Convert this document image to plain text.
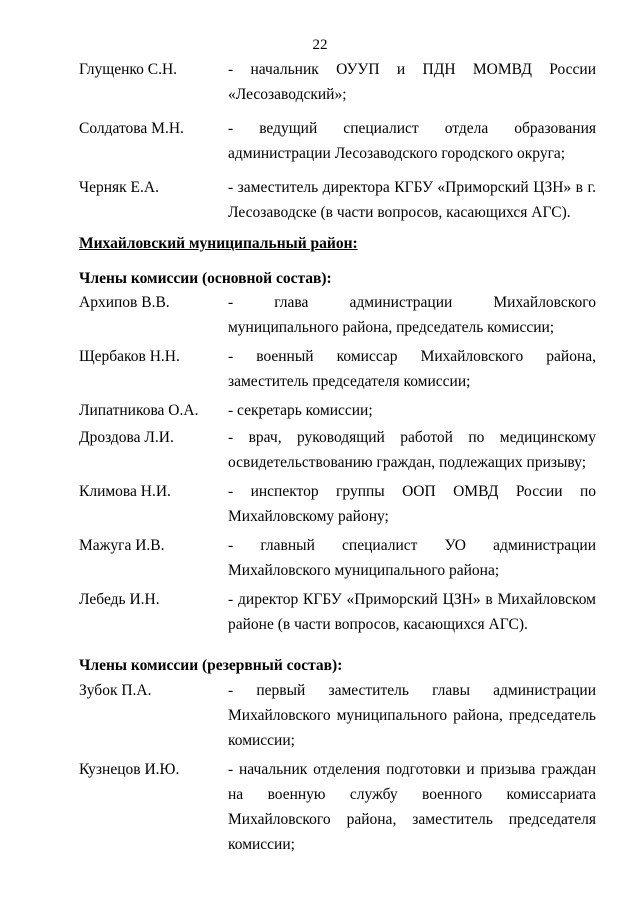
22
Глущенко С.Н.	- начальник ОУУП и ПДН МОМВД России «Лесозаводский»;
Солдатова М.Н.	- ведущий специалист отдела образования администрации Лесозаводского городского округа;
Черняк Е.А.	- заместитель директора КГБУ «Приморский ЦЗН» в г. Лесозаводске (в части вопросов, касающихся АГС).
Михайловский муниципальный район:
Члены комиссии (основной состав):
Архипов В.В.	- глава администрации Михайловского муниципального района, председатель комиссии;
Щербаков Н.Н.	- военный комиссар Михайловского района, заместитель председателя комиссии;
Липатникова О.А.	- секретарь комиссии;
Дроздова Л.И.	- врач, руководящий работой по медицинскому освидетельствованию граждан, подлежащих призыву;
Климова Н.И.	- инспектор группы ООП ОМВД России по Михайловскому району;
Мажуга И.В.	- главный специалист УО администрации Михайловского муниципального района;
Лебедь И.Н.	- директор КГБУ «Приморский ЦЗН» в Михайловском районе (в части вопросов, касающихся АГС).
Члены комиссии (резервный состав):
Зубок П.А.	- первый заместитель главы администрации Михайловского муниципального района, председатель комиссии;
Кузнецов И.Ю.	- начальник отделения подготовки и призыва граждан на военную службу военного комиссариата Михайловского района, заместитель председателя комиссии;
